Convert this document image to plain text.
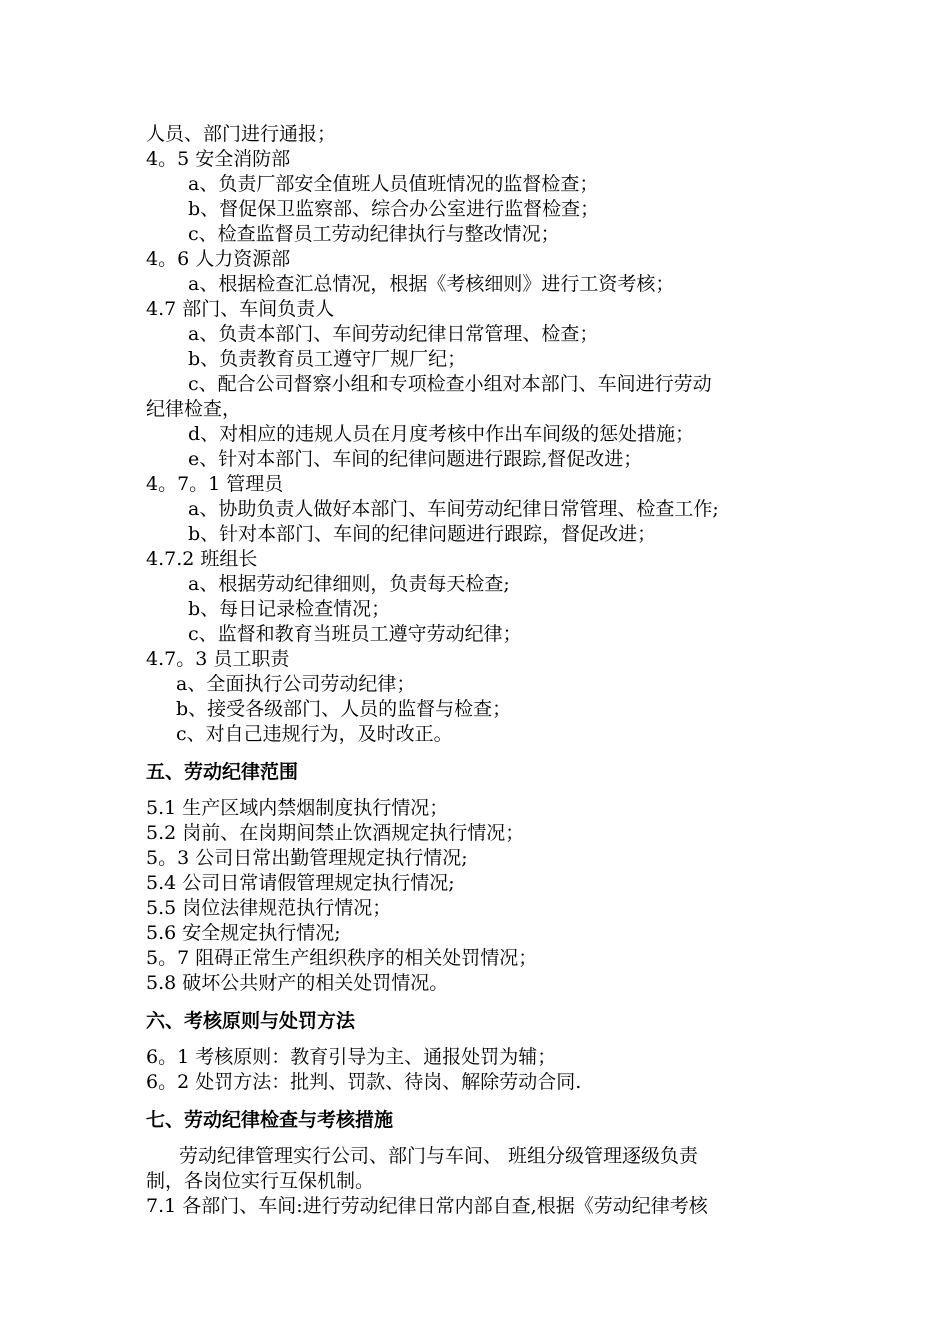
人员、部门进行通报；
4。5 安全消防部
a、负责厂部安全值班人员值班情况的监督检查；
b、督促保卫监察部、综合办公室进行监督检查；
c、检查监督员工劳动纪律执行与整改情况；
4。6 人力资源部
a、根据检查汇总情况，根据《考核细则》进行工资考核；
4.7 部门、车间负责人
a、负责本部门、车间劳动纪律日常管理、检查；
b、负责教育员工遵守厂规厂纪；
c、配合公司督察小组和专项检查小组对本部门、车间进行劳动
纪律检查，
d、对相应的违规人员在月度考核中作出车间级的惩处措施；
e、针对本部门、车间的纪律问题进行跟踪,督促改进；
4。7。1 管理员
a、协助负责人做好本部门、车间劳动纪律日常管理、检查工作;
b、针对本部门、车间的纪律问题进行跟踪，督促改进；
4.7.2 班组长
a、根据劳动纪律细则，负责每天检查;
b、每日记录检查情况；
c、监督和教育当班员工遵守劳动纪律；
4.7。3 员工职责
a、全面执行公司劳动纪律；
b、接受各级部门、人员的监督与检查；
c、对自己违规行为，及时改正。
五、劳动纪律范围
5.1 生产区域内禁烟制度执行情况；
5.2 岗前、在岗期间禁止饮酒规定执行情况；
5。3 公司日常出勤管理规定执行情况;
5.4 公司日常请假管理规定执行情况;
5.5 岗位法律规范执行情况；
5.6 安全规定执行情况;
5。7 阻碍正常生产组织秩序的相关处罚情况；
5.8 破坏公共财产的相关处罚情况。
六、考核原则与处罚方法
6。1 考核原则：教育引导为主、通报处罚为辅；
6。2 处罚方法：批判、罚款、待岗、解除劳动合同.
七、劳动纪律检查与考核措施
劳动纪律管理实行公司、部门与车间、 班组分级管理逐级负责
制，各岗位实行互保机制。
7.1 各部门、车间:进行劳动纪律日常内部自查,根据《劳动纪律考核
